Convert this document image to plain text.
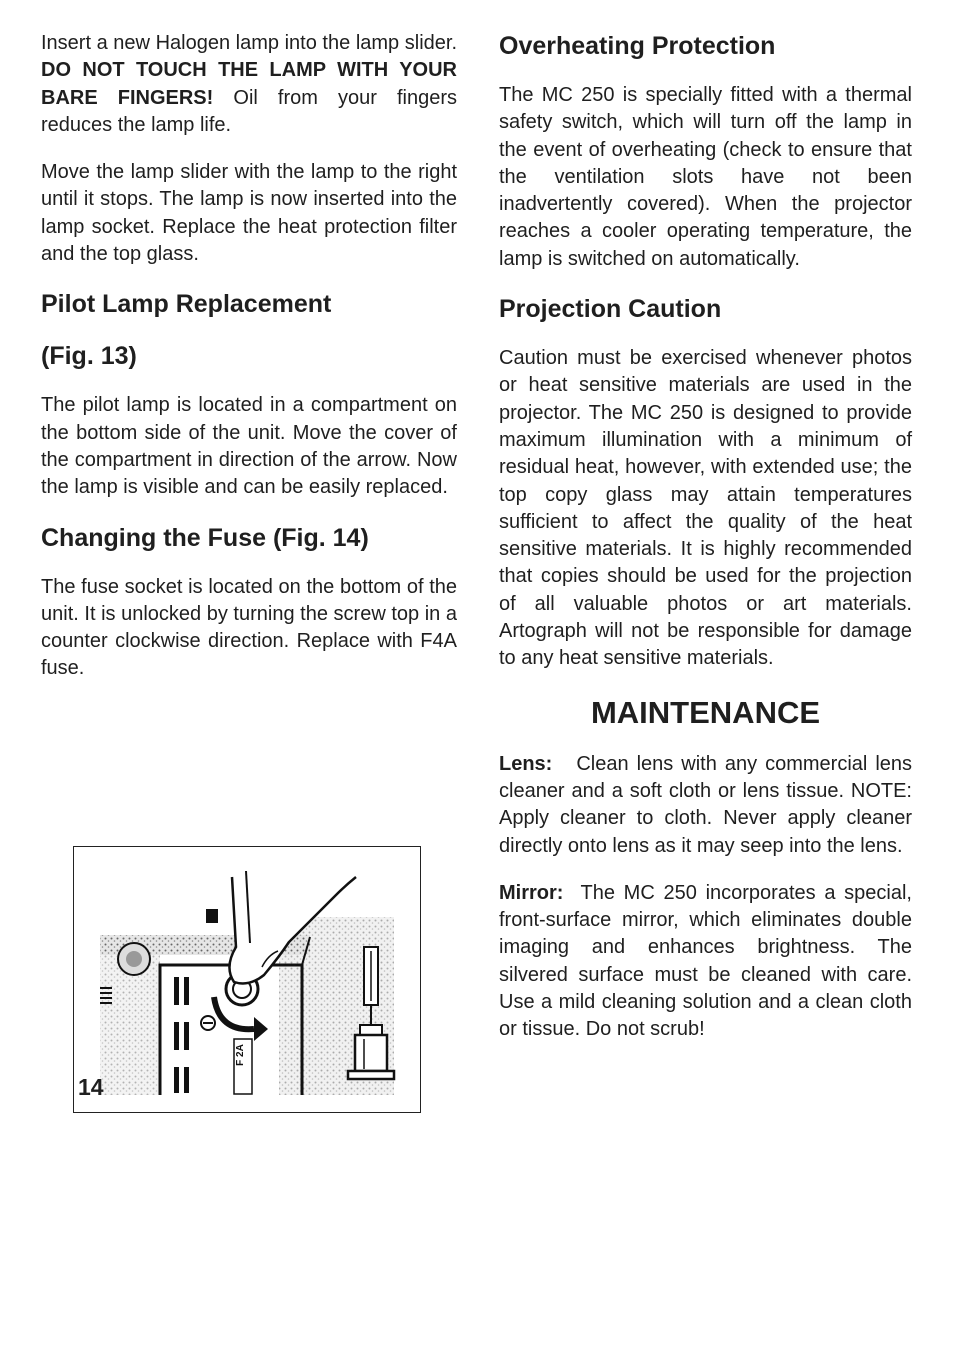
Insert a new Halogen lamp into the lamp slider. DO NOT TOUCH THE LAMP WITH YOUR BARE FINGERS! Oil from your fingers reduces the lamp life.

Move the lamp slider with the lamp to the right until it stops. The lamp is now inserted into the lamp socket. Replace the heat protection filter and the top glass.

Pilot Lamp Replacement
(Fig. 13)

The pilot lamp is located in a compartment on the bottom side of the unit. Move the cover of the compartment in direction of the arrow. Now the lamp is visible and can be easily replaced.

Changing the Fuse (Fig. 14)

The fuse socket is located on the bottom of the unit. It is unlocked by turning the screw top in a counter clockwise direction. Replace with F4A fuse.

F 2A
14
Overheating Protection

The MC 250 is specially fitted with a thermal safety switch, which will turn off the lamp in the event of overheating (check to ensure that the ventilation slots have not been inadvertently covered). When the projector reaches a cooler operating temperature, the lamp is switched on automatically.

Projection Caution

Caution must be exercised whenever photos or heat sensitive materials are used in the projector. The MC 250 is designed to provide maximum illumination with a minimum of residual heat, however, with extended use; the top copy glass may attain temperatures sufficient to affect the quality of the heat sensitive materials. It is highly recommended that copies should be used for the projection of all valuable photos or art materials. Artograph will not be responsible for damage to any heat sensitive materials.

MAINTENANCE

Lens: Clean lens with any commercial lens cleaner and a soft cloth or lens tissue. NOTE: Apply cleaner to cloth. Never apply cleaner directly onto lens as it may seep into the lens.

Mirror: The MC 250 incorporates a special, front-surface mirror, which eliminates double imaging and enhances brightness. The silvered surface must be cleaned with care. Use a mild cleaning solution and a clean cloth or tissue. Do not scrub!
